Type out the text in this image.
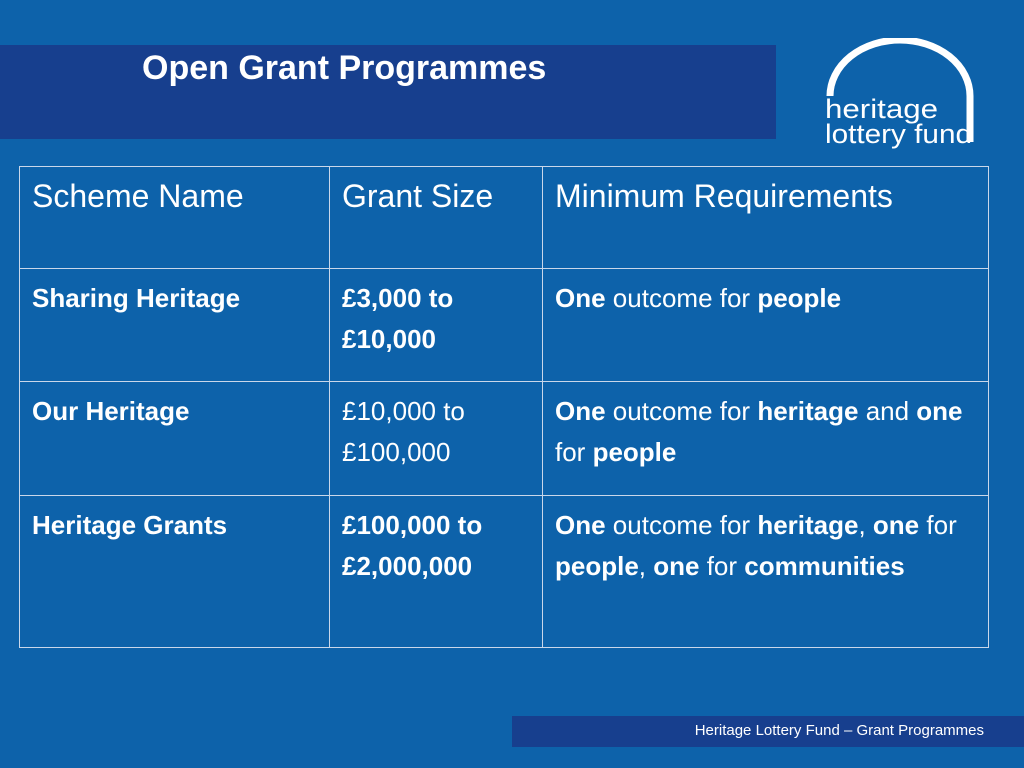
Open Grant Programmes
heritage
lottery fund
Scheme Name	Grant Size	Minimum Requirements
Sharing Heritage	£3,000 to £10,000	One outcome for people
Our Heritage	£10,000 to £100,000	One outcome for heritage and one for people
Heritage Grants	£100,000 to £2,000,000	One outcome for heritage, one for people, one for communities
Heritage Lottery Fund – Grant Programmes
